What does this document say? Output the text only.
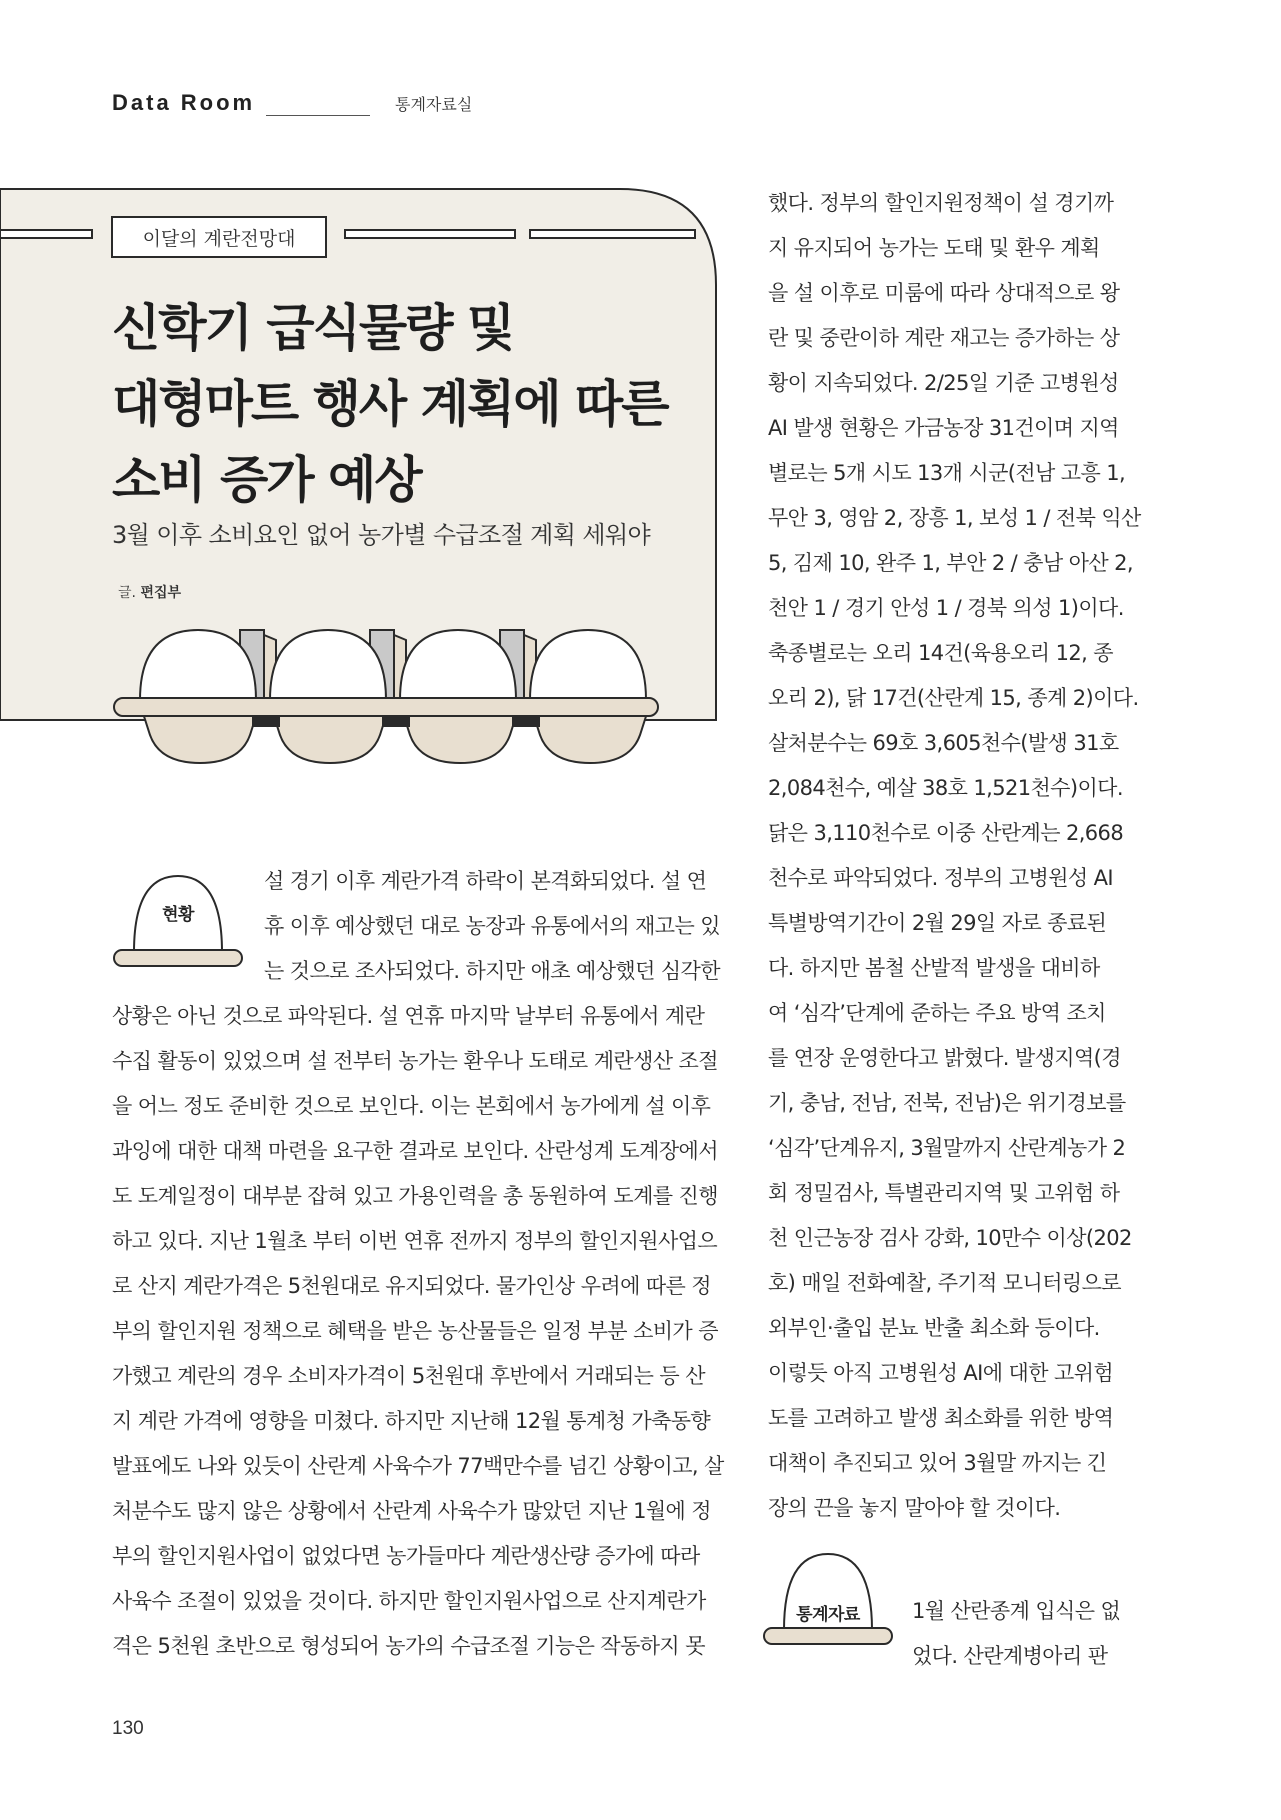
Data Room	통계자료실
이달의 계란전망대
신학기 급식물량 및
대형마트 행사 계획에 따른
소비 증가 예상
3월 이후 소비요인 없어 농가별 수급조절 계획 세워야
글. 편집부
현황
통계자료
설 경기 이후 계란가격 하락이 본격화되었다. 설 연
휴 이후 예상했던 대로 농장과 유통에서의 재고는 있
는 것으로 조사되었다. 하지만 애초 예상했던 심각한
상황은 아닌 것으로 파악된다. 설 연휴 마지막 날부터 유통에서 계란
수집 활동이 있었으며 설 전부터 농가는 환우나 도태로 계란생산 조절
을 어느 정도 준비한 것으로 보인다. 이는 본회에서 농가에게 설 이후
과잉에 대한 대책 마련을 요구한 결과로 보인다. 산란성계 도계장에서
도 도계일정이 대부분 잡혀 있고 가용인력을 총 동원하여 도계를 진행
하고 있다. 지난 1월초 부터 이번 연휴 전까지 정부의 할인지원사업으
로 산지 계란가격은 5천원대로 유지되었다. 물가인상 우려에 따른 정
부의 할인지원 정책으로 혜택을 받은 농산물들은 일정 부분 소비가 증
가했고 계란의 경우 소비자가격이 5천원대 후반에서 거래되는 등 산
지 계란 가격에 영향을 미쳤다. 하지만 지난해 12월 통계청 가축동향
발표에도 나와 있듯이 산란계 사육수가 77백만수를 넘긴 상황이고, 살
처분수도 많지 않은 상황에서 산란계 사육수가 많았던 지난 1월에 정
부의 할인지원사업이 없었다면 농가들마다 계란생산량 증가에 따라
사육수 조절이 있었을 것이다. 하지만 할인지원사업으로 산지계란가
격은 5천원 초반으로 형성되어 농가의 수급조절 기능은 작동하지 못
했다. 정부의 할인지원정책이 설 경기까
지 유지되어 농가는 도태 및 환우 계획
을 설 이후로 미룸에 따라 상대적으로 왕
란 및 중란이하 계란 재고는 증가하는 상
황이 지속되었다. 2/25일 기준 고병원성
AI 발생 현황은 가금농장 31건이며 지역
별로는 5개 시도 13개 시군(전남 고흥 1,
무안 3, 영암 2, 장흥 1, 보성 1 / 전북 익산
5, 김제 10, 완주 1, 부안 2 / 충남 아산 2,
천안 1 / 경기 안성 1 / 경북 의성 1)이다.
축종별로는 오리 14건(육용오리 12, 종
오리 2), 닭 17건(산란계 15, 종계 2)이다.
살처분수는 69호 3,605천수(발생 31호
2,084천수, 예살 38호 1,521천수)이다.
닭은 3,110천수로 이중 산란계는 2,668
천수로 파악되었다. 정부의 고병원성 AI
특별방역기간이 2월 29일 자로 종료된
다. 하지만 봄철 산발적 발생을 대비하
여 ‘심각’단계에 준하는 주요 방역 조치
를 연장 운영한다고 밝혔다. 발생지역(경
기, 충남, 전남, 전북, 전남)은 위기경보를
‘심각’단계유지, 3월말까지 산란계농가 2
회 정밀검사, 특별관리지역 및 고위험 하
천 인근농장 검사 강화, 10만수 이상(202
호) 매일 전화예찰, 주기적 모니터링으로
외부인·출입 분뇨 반출 최소화 등이다.
이렇듯 아직 고병원성 AI에 대한 고위험
도를 고려하고 발생 최소화를 위한 방역
대책이 추진되고 있어 3월말 까지는 긴
장의 끈을 놓지 말아야 할 것이다.
1월 산란종계 입식은 없
었다. 산란계병아리 판
130
